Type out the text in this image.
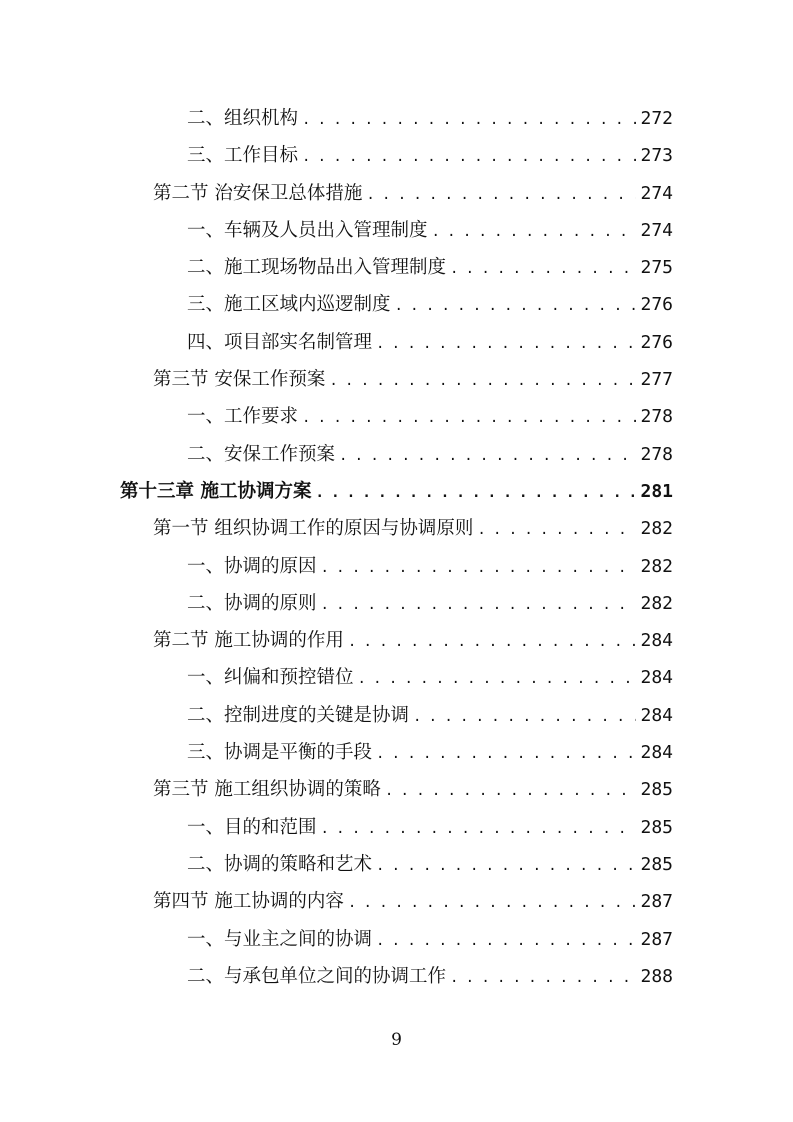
二、组织机构 . . .	272
三、工作目标 . . .	273
第二节 治安保卫总体措施 . . .	274
一、车辆及人员出入管理制度 . . .	274
二、施工现场物品出入管理制度 . . .	275
三、施工区域内巡逻制度 . . .	276
四、项目部实名制管理 . . .	276
第三节 安保工作预案 . . .	277
一、工作要求 . . .	278
二、安保工作预案 . . .	278
第十三章 施工协调方案 . . .	281
第一节 组织协调工作的原因与协调原则 . . .	282
一、协调的原因 . . .	282
二、协调的原则 . . .	282
第二节 施工协调的作用 . . .	284
一、纠偏和预控错位 . . .	284
二、控制进度的关键是协调 . . .	284
三、协调是平衡的手段 . . .	284
第三节 施工组织协调的策略 . . .	285
一、目的和范围 . . .	285
二、协调的策略和艺术 . . .	285
第四节 施工协调的内容 . . .	287
一、与业主之间的协调 . . .	287
二、与承包单位之间的协调工作 . . .	288
9
